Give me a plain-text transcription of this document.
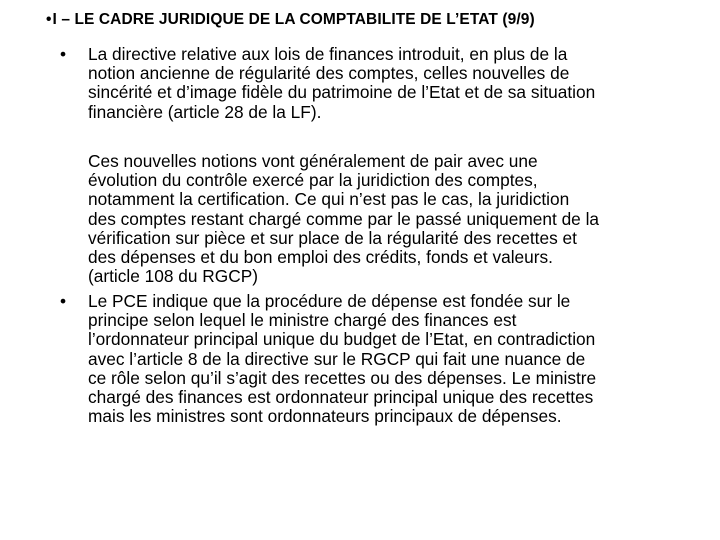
•I – LE CADRE JURIDIQUE DE LA COMPTABILITE DE L’ETAT (9/9)
• La directive relative aux lois de finances introduit, en plus de la
notion ancienne de régularité des comptes, celles nouvelles de
sincérité et d’image fidèle du patrimoine de l’Etat et de sa situation
financière (article 28 de la LF).
Ces nouvelles notions vont généralement de pair avec une
évolution du contrôle exercé par la juridiction des comptes,
notamment la certification. Ce qui n’est pas le cas, la juridiction
des comptes restant chargé comme par le passé uniquement de la
vérification sur pièce et sur place de la régularité des recettes et
des dépenses et du bon emploi des crédits, fonds et valeurs.
(article 108 du RGCP)
• Le PCE indique que la procédure de dépense est fondée sur le
principe selon lequel le ministre chargé des finances est
l’ordonnateur principal unique du budget de l’Etat, en contradiction
avec l’article 8 de la directive sur le RGCP qui fait une nuance de
ce rôle selon qu’il s’agit des recettes ou des dépenses. Le ministre
chargé des finances est ordonnateur principal unique des recettes
mais les ministres sont ordonnateurs principaux de dépenses.
